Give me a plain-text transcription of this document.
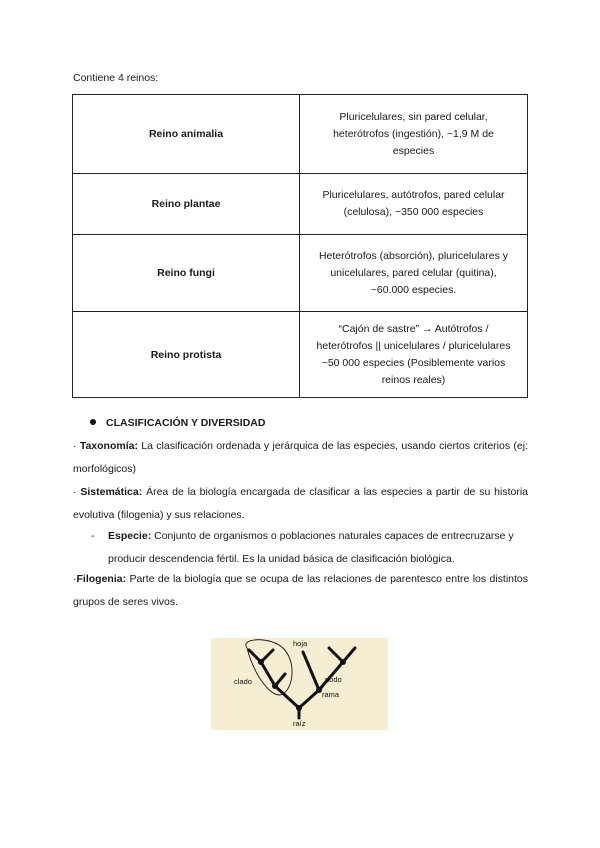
Contiene 4 reinos:
Reino animalia	Pluricelulares, sin pared celular,
heterótrofos (ingestión), ~1,9 M de
especies

Reino plantae	Pluricelulares, autótrofos, pared celular
(celulosa), ~350 000 especies

Reino fungi	Heterótrofos (absorción), pluricelulares y
unicelulares, pared celular (quitina),
~60.000 especies.

Reino protista	“Cajón de sastre” → Autótrofos /
heterótrofos || unicelulares / pluricelulares
~50 000 especies (Posiblemente varios
reinos reales)
CLASIFICACIÓN Y DIVERSIDAD
· Taxonomía: La clasificación ordenada y jerárquica de las especies, usando ciertos criterios (ej: morfológicos)
· Sistemática: Área de la biología encargada de clasificar a las especies a partir de su historia evolutiva (filogenia) y sus relaciones.
- Especie: Conjunto de organismos o poblaciones naturales capaces de entrecruzarse y producir descendencia fértil. Es la unidad básica de clasificación biológica.
·Filogenia: Parte de la biología que se ocupa de las relaciones de parentesco entre los distintos grupos de seres vivos.
hoja
clado	nodo
rama
raíz
